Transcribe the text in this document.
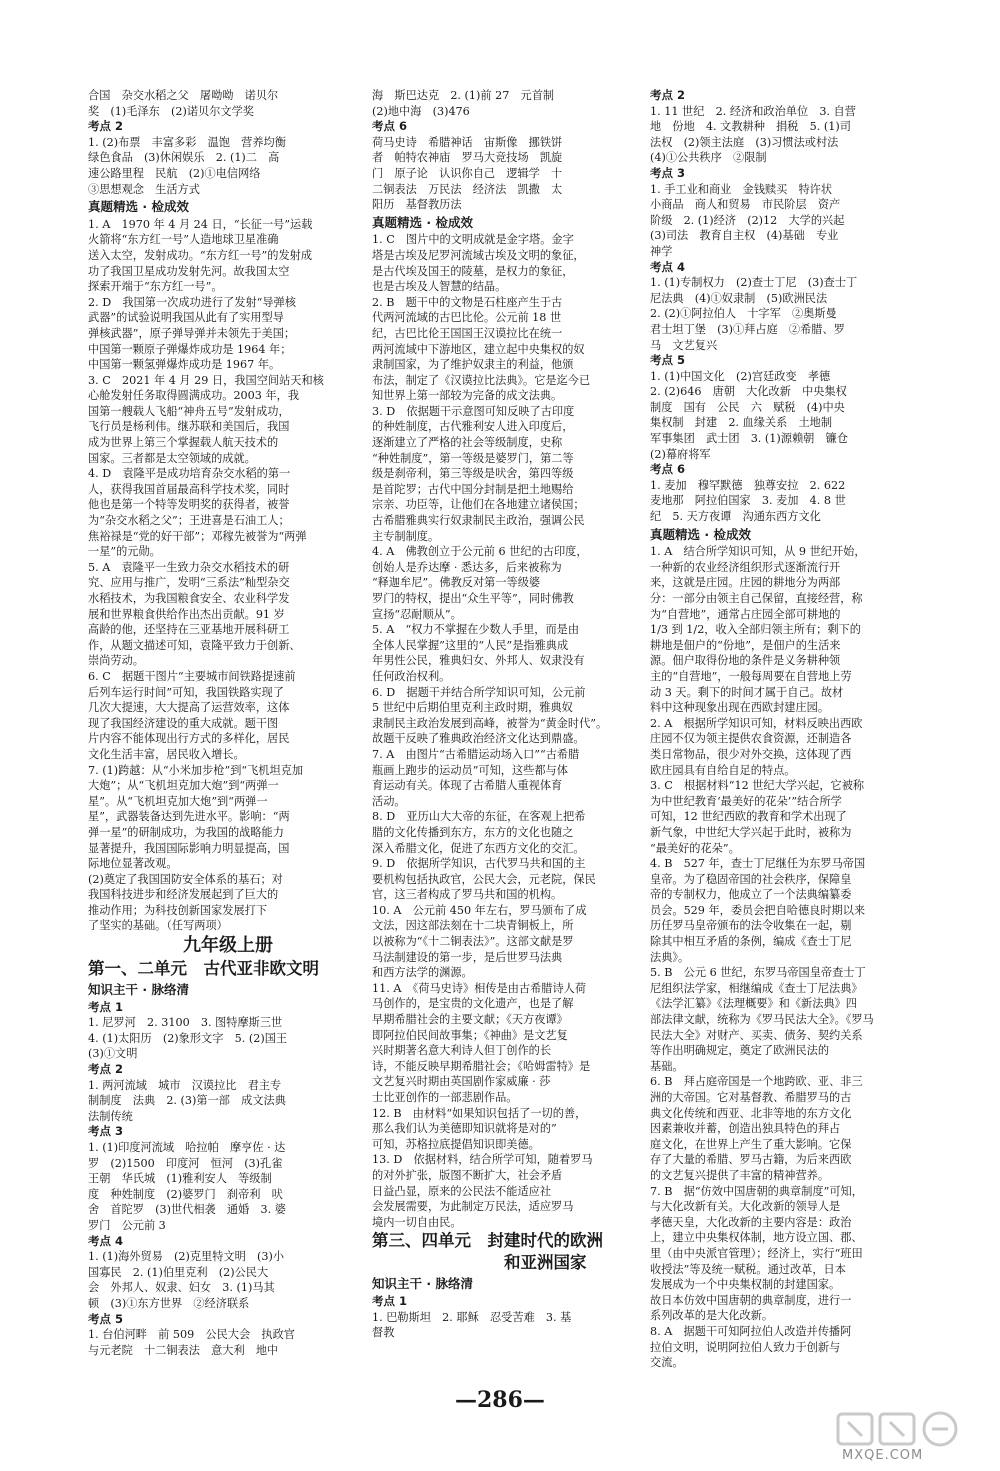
合国　杂交水稻之父　屠呦呦　诺贝尔
奖　(1)毛泽东　(2)诺贝尔文学奖
考点 2
1. (2)布票　丰富多彩　温饱　营养均衡
绿色食品　(3)休闲娱乐　2. (1)二　高
速公路里程　民航　(2)①电信网络
③思想观念　生活方式
真题精选 · 检成效
1. A　1970 年 4 月 24 日，“长征一号”运载
火箭将“东方红一号”人造地球卫星准确
送入太空，发射成功。“东方红一号”的发射成
功了我国卫星成功发射先河。故我国太空
探索开端于“东方红一号”。
2. D　我国第一次成功进行了发射“导弹核
武器”的试验说明我国从此有了实用型导
弹核武器”，原子弹导弹并未领先于美国；
中国第一颗原子弹爆炸成功是 1964 年；
中国第一颗氢弹爆炸成功是 1967 年。
3. C　2021 年 4 月 29 日，我国空间站天和核
心舱发射任务取得圆满成功。2003 年，我
国第一艘载人飞船“神舟五号”发射成功，
飞行员是杨利伟。继苏联和美国后，我国
成为世界上第三个掌握载人航天技术的
国家。三者都是太空领域的成就。
4. D　袁隆平是成功培育杂交水稻的第一
人，获得我国首届最高科学技术奖，同时
他也是第一个特等发明奖的获得者，被誉
为“杂交水稻之父”；王进喜是石油工人；
焦裕禄是“党的好干部”；邓稼先被誉为“两弹
一星”的元勋。
5. A　袁隆平一生致力杂交水稻技术的研
究、应用与推广，发明“三系法”籼型杂交
水稻技术，为我国粮食安全、农业科学发
展和世界粮食供给作出杰出贡献。91 岁
高龄的他，还坚持在三亚基地开展科研工
作，从题文描述可知，袁隆平致力于创新、
崇尚劳动。
6. C　据题干图片“主要城市间铁路提速前
后列车运行时间”可知，我国铁路实现了
几次大提速，大大提高了运营效率，这体
现了我国经济建设的重大成就。题干图
片内容不能体现出行方式的多样化，居民
文化生活丰富，居民收入增长。
7. (1)跨越：从“小米加步枪”到“飞机坦克加
大炮”；从“飞机坦克加大炮”到“两弹一
星”。从“飞机坦克加大炮”到“两弹一
星”，武器装备达到先进水平。影响：“两
弹一星”的研制成功，为我国的战略能力
显著提升，我国国际影响力明显提高，国
际地位显著改观。
(2)奠定了我国国防安全体系的基石；对
我国科技进步和经济发展起到了巨大的
推动作用；为科技创新国家发展打下
了坚实的基础。（任写两项）
九年级上册
第一、二单元　古代亚非欧文明
知识主干 · 脉络清
考点 1
1. 尼罗河　2. 3100　3. 图特摩斯三世
4. (1)太阳历　(2)象形文字　5. (2)国王
(3)①文明
考点 2
1. 两河流域　城市　汉谟拉比　君主专
制制度　法典　2. (3)第一部　成文法典
法制传统
考点 3
1. (1)印度河流域　哈拉帕　摩亨佐 · 达
罗　(2)1500　印度河　恒河　(3)孔雀
王朝　华氏城　(1)雅利安人　等级制
度　种姓制度　(2)婆罗门　刹帝利　吠
舍　首陀罗　(3)世代相袭　通婚　3. 婆
罗门　公元前 3
考点 4
1. (1)海外贸易　(2)克里特文明　(3)小
国寡民　2. (1)伯里克利　(2)公民大
会　外邦人、奴隶、妇女　3. (1)马其
顿　(3)①东方世界　②经济联系
考点 5
1. 台伯河畔　前 509　公民大会　执政官
与元老院　十二铜表法　意大利　地中
海　斯巴达克　2. (1)前 27　元首制
(2)地中海　(3)476
考点 6
荷马史诗　希腊神话　宙斯像　挪铁饼
者　帕特农神庙　罗马大竞技场　凯旋
门　原子论　认识你自己　逻辑学　十
二铜表法　万民法　经济法　凯撒　太
阳历　基督教历法
真题精选 · 检成效
1. C　图片中的文明成就是金字塔。金字
塔是古埃及尼罗河流域古埃及文明的象征，
是古代埃及国王的陵墓，是权力的象征，
也是古埃及人智慧的结晶。
2. B　题干中的文物是石柱座产生于古
代两河流域的古巴比伦。公元前 18 世
纪，古巴比伦王国国王汉谟拉比在统一
两河流域中下游地区，建立起中央集权的奴
隶制国家，为了维护奴隶主的利益，他颁
布法，制定了《汉谟拉比法典》。它是迄今已
知世界上第一部较为完备的成文法典。
3. D　依据题干示意图可知反映了古印度
的种姓制度，古代雅利安人进入印度后，
逐渐建立了严格的社会等级制度，史称
“种姓制度”，第一等级是婆罗门，第二等
级是刹帝利，第三等级是吠舍，第四等级
是首陀罗；古代中国分封制是把土地赐给
宗亲、功臣等，让他们在各地建立诸侯国；
古希腊雅典实行奴隶制民主政治，强调公民
主专制制度。
4. A　佛教创立于公元前 6 世纪的古印度，
创始人是乔达摩 · 悉达多，后来被称为
“释迦牟尼”。佛教反对第一等级婆
罗门的特权，提出“众生平等”，同时佛教
宣扬“忍耐顺从”。
5. A　“权力不掌握在少数人手里，而是由
全体人民掌握”这里的“人民”是指雅典成
年男性公民，雅典妇女、外邦人、奴隶没有
任何政治权利。
6. D　据题干并结合所学知识可知，公元前
5 世纪中后期伯里克利主政时期，雅典奴
隶制民主政治发展到高峰，被誉为“黄金时代”。
故题干反映了雅典政治经济文化达到鼎盛。
7. A　由图片“古希腊运动场入口”“古希腊
瓶画上跑步的运动员”可知，这些都与体
育运动有关。体现了古希腊人重视体育
活动。
8. D　亚历山大大帝的东征，在客观上把希
腊的文化传播到东方，东方的文化也随之
深入希腊文化，促进了东西方文化的交汇。
9. D　依据所学知识，古代罗马共和国的主
要机构包括执政官，公民大会，元老院，保民
官，这三者构成了罗马共和国的机构。
10. A　公元前 450 年左右，罗马颁布了成
文法，因这部法刻在十二块青铜板上，所
以被称为“《十二铜表法》”。这部文献是罗
马法制建设的第一步，是后世罗马法典
和西方法学的渊源。
11. A　《荷马史诗》相传是由古希腊诗人荷
马创作的，是宝贵的文化遗产，也是了解
早期希腊社会的主要文献；《天方夜谭》
即阿拉伯民间故事集；《神曲》是文艺复
兴时期著名意大利诗人但丁创作的长
诗，不能反映早期希腊社会；《哈姆雷特》是
文艺复兴时期由英国剧作家威廉 · 莎
士比亚创作的一部悲剧作品。
12. B　由材料“如果知识包括了一切的善，
那么我们认为美德即知识就将是对的”
可知，苏格拉底提倡知识即美德。
13. D　依据材料，结合所学可知，随着罗马
的对外扩张，版图不断扩大，社会矛盾
日益凸显，原来的公民法不能适应社
会发展需要，为此制定万民法，适应罗马
境内一切自由民。
第三、四单元　封建时代的欧洲
　　　　　　　　和亚洲国家
知识主干 · 脉络清
考点 1
1. 巴勒斯坦　2. 耶稣　忍受苦难　3. 基
督教
考点 2
1. 11 世纪　2. 经济和政治单位　3. 自营
地　份地　4. 文教耕种　捐税　5. (1)司
法权　(2)领主法庭　(3)习惯法或村法
(4)①公共秩序　②限制
考点 3
1. 手工业和商业　金钱赎买　特许状
小商品　商人和贸易　市民阶层　资产
阶级　2. (1)经济　(2)12　大学的兴起
(3)司法　教育自主权　(4)基础　专业
神学
考点 4
1. (1)专制权力　(2)查士丁尼　(3)查士丁
尼法典　(4)①奴隶制　(5)欧洲民法
2. (2)①阿拉伯人　十字军　②奥斯曼
君士坦丁堡　(3)①拜占庭　②希腊、罗
马　文艺复兴
考点 5
1. (1)中国文化　(2)宫廷政变　孝德
2. (2)646　唐朝　大化改新　中央集权
制度　国有　公民　六　赋税　(4)中央
集权制　封建　2. 血缘关系　土地制
军事集团　武士团　3. (1)源赖朝　镰仓
(2)幕府将军
考点 6
1. 麦加　穆罕默德　独尊安拉　2. 622
麦地那　阿拉伯国家　3. 麦加　4. 8 世
纪　5. 天方夜谭　沟通东西方文化
真题精选 · 检成效
1. A　结合所学知识可知，从 9 世纪开始，
一种新的农业经济组织形式逐渐流行开
来，这就是庄园。庄园的耕地分为两部
分：一部分由领主自己保留，直接经营，称
为“自营地”，通常占庄园全部可耕地的
1/3 到 1/2，收入全部归领主所有；剩下的
耕地是佃户的“份地”，是佃户的生活来
源。佃户取得份地的条件是义务耕种领
主的“自营地”，一般每周要在自营地上劳
动 3 天。剩下的时间才属于自己。故材
料中这种现象出现在西欧封建庄园。
2. A　根据所学知识可知，材料反映出西欧
庄园不仅为领主提供农食资源，还制造各
类日常物品，很少对外交换，这体现了西
欧庄园具有自给自足的特点。
3. C　根据材料“12 世纪大学兴起，它被称
为中世纪教育‘最美好的花朵’”结合所学
可知，12 世纪西欧的教育和学术出现了
新气象，中世纪大学兴起于此时，被称为
“最美好的花朵”。
4. B　527 年，查士丁尼继任为东罗马帝国
皇帝。为了稳固帝国的社会秩序，保障皇
帝的专制权力，他成立了一个法典编纂委
员会。529 年，委员会把自哈德良时期以来
历任罗马皇帝颁布的法令收集在一起，剔
除其中相互矛盾的条例，编成《查士丁尼
法典》。
5. B　公元 6 世纪，东罗马帝国皇帝查士丁
尼组织法学家，相继编成《查士丁尼法典》
《法学汇纂》《法理概要》和《新法典》四
部法律文献，统称为《罗马民法大全》。《罗马
民法大全》对财产、买卖、债务、契约关系
等作出明确规定，奠定了欧洲民法的
基础。
6. B　拜占庭帝国是一个地跨欧、亚、非三
洲的大帝国。它对基督教、希腊罗马的古
典文化传统和西亚、北非等地的东方文化
因素兼收并蓄，创造出独具特色的拜占
庭文化，在世界上产生了重大影响。它保
存了大量的希腊、罗马古籍，为后来西欧
的文艺复兴提供了丰富的精神营养。
7. B　据“仿效中国唐朝的典章制度”可知，
与大化改新有关。大化改新的领导人是
孝德天皇，大化改新的主要内容是：政治
上，建立中央集权体制，地方设立国、郡、
里（由中央派官管理）；经济上，实行“班田
收授法”等及统一赋税。通过改革，日本
发展成为一个中央集权制的封建国家。
故日本仿效中国唐朝的典章制度，进行一
系列改革的是大化改新。
8. A　据题干可知阿拉伯人改造并传播阿
拉伯文明，说明阿拉伯人致力于创新与
交流。
—286—
MXQE.COM
